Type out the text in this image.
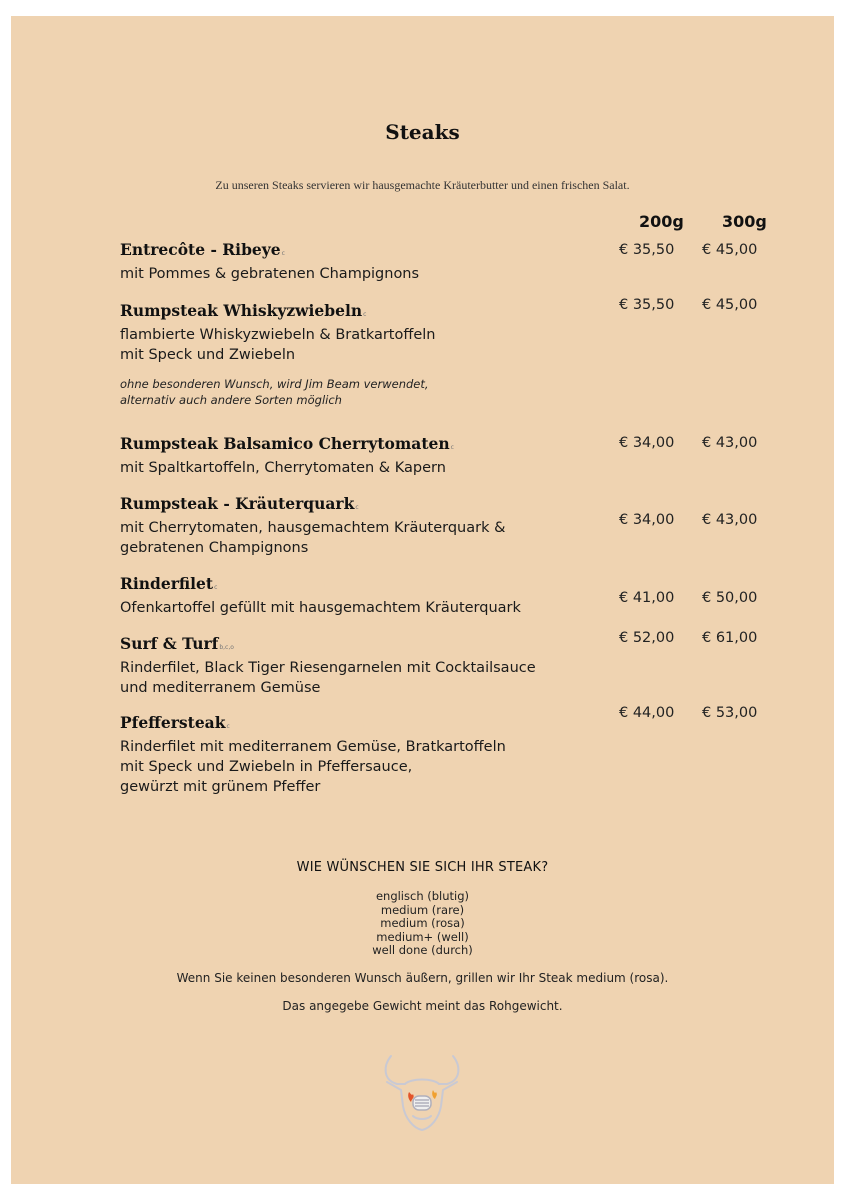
Steaks
Zu unseren Steaks servieren wir hausgemachte Kräuterbutter und einen frischen Salat.
200g 300g
Entrecôte - Ribeyec
mit Pommes & gebratenen Champignons
€ 35,50 € 45,00
Rumpsteak Whiskyzwiebelnc
flambierte Whiskyzwiebeln & Bratkartoffeln
mit Speck und Zwiebeln
€ 35,50 € 45,00
ohne besonderen Wunsch, wird Jim Beam verwendet,
alternativ auch andere Sorten möglich
Rumpsteak Balsamico Cherrytomatenc
mit Spaltkartoffeln, Cherrytomaten & Kapern
€ 34,00 € 43,00
Rumpsteak - Kräuterquarkc
mit Cherrytomaten, hausgemachtem Kräuterquark &
gebratenen Champignons
€ 34,00 € 43,00
Rinderfiletc
Ofenkartoffel gefüllt mit hausgemachtem Kräuterquark
€ 41,00 € 50,00
Surf & Turfb,c,o
Rinderfilet, Black Tiger Riesengarnelen mit Cocktailsauce
und mediterranem Gemüse
€ 52,00 € 61,00
Pfeffersteakc
Rinderfilet mit mediterranem Gemüse, Bratkartoffeln
mit Speck und Zwiebeln in Pfeffersauce,
gewürzt mit grünem Pfeffer
€ 44,00 € 53,00
WIE WÜNSCHEN SIE SICH IHR STEAK?
englisch (blutig)
medium (rare)
medium (rosa)
medium+ (well)
well done (durch)
Wenn Sie keinen besonderen Wunsch äußern, grillen wir Ihr Steak medium (rosa).
Das angegebe Gewicht meint das Rohgewicht.
